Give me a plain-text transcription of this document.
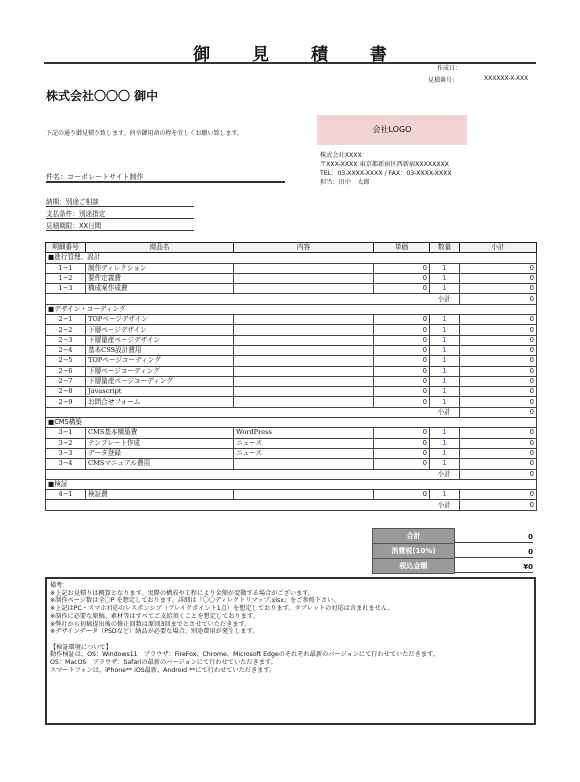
御 見 積 書
作成日：
見積番号：	XXXXXX-X-XXX
株式会社〇〇〇 御中
下記の通り御見積り致します。何卒御用命の程を宜しくお願い致します。	会社LOGO
株式会社XXXX
〒XXX-XXXX 東京都新宿区西新宿XXXXXXXX
TEL：03-XXXX-XXXX / FAX：03-XXXX-XXXX
担当：田中　太郎
件名：コーポレートサイト制作
納期：別途ご相談
支払条件：別途指定
見積期限：XX日間
明細番号	商品名	内容	単価	数量	小計
■進行管理、設計					
1−1	制作ディレクション		0	1	0
1−2	要件定義費		0	1	0
1−3	構成案作成費		0	1	0
				小計	0
■デザイン・コーディング					
2−1	TOPページデザイン		0	1	0
2−2	下層ページデザイン		0	1	0
2−3	下層量産ページデザイン		0	1	0
2−4	基本CSS設計費用		0	1	0
2−5	TOPページコーディング		0	1	0
2−6	下層ページコーディング		0	1	0
2−7	下層量産ページコーディング		0	1	0
2−8	Javascript		0	1	0
2−9	お問合せフォーム		0	1	0
				小計	0
■CMS構築					
3−1	CMS基本構築費	WordPress	0	1	0
3−2	テンプレート作成	ニュース	0	1	0
3−3	データ登録	ニュース	0	1	0
3−4	CMSマニュアル費用		0	1	0
				小計	0
■検証					
4−1	検証費		0	1	0
				小計	0
合計	0
消費税(10%)	0
税込金額	¥0
備考：
※上記お見積りは概算となります。実際の構成や工程により金額が変動する場合がございます。
※制作ページ数は全〇P を想定しております。詳細は『〇〇ディレクトリマップ.xlsx』をご参照下さい。
※上記はPC・スマホ対応のレスポンシブ（ブレイクポイント1点）を想定しております。タブレットの対応は含まれません。
※制作に必要な原稿、素材等はすべてご支給頂くことを想定しております。
※弊社から初稿提出後の修正回数は原則3回までとさせていただきます。
※デザインデータ（PSDなど）納品が必要な場合、別途費用が発生します。
【検証環境について】
動作検証は、OS：Windows11　ブラウザ：FireFox、Chrome、Microsoft Edgeのそれぞれ最新のバージョンにて行わせていただきます。
OS：MacOS　ブラウザ：Safariの最新のバージョンにて行わせていただきます。
スマートフォンは、iPhone** iOS最新、Android **にて行わせていただきます。
